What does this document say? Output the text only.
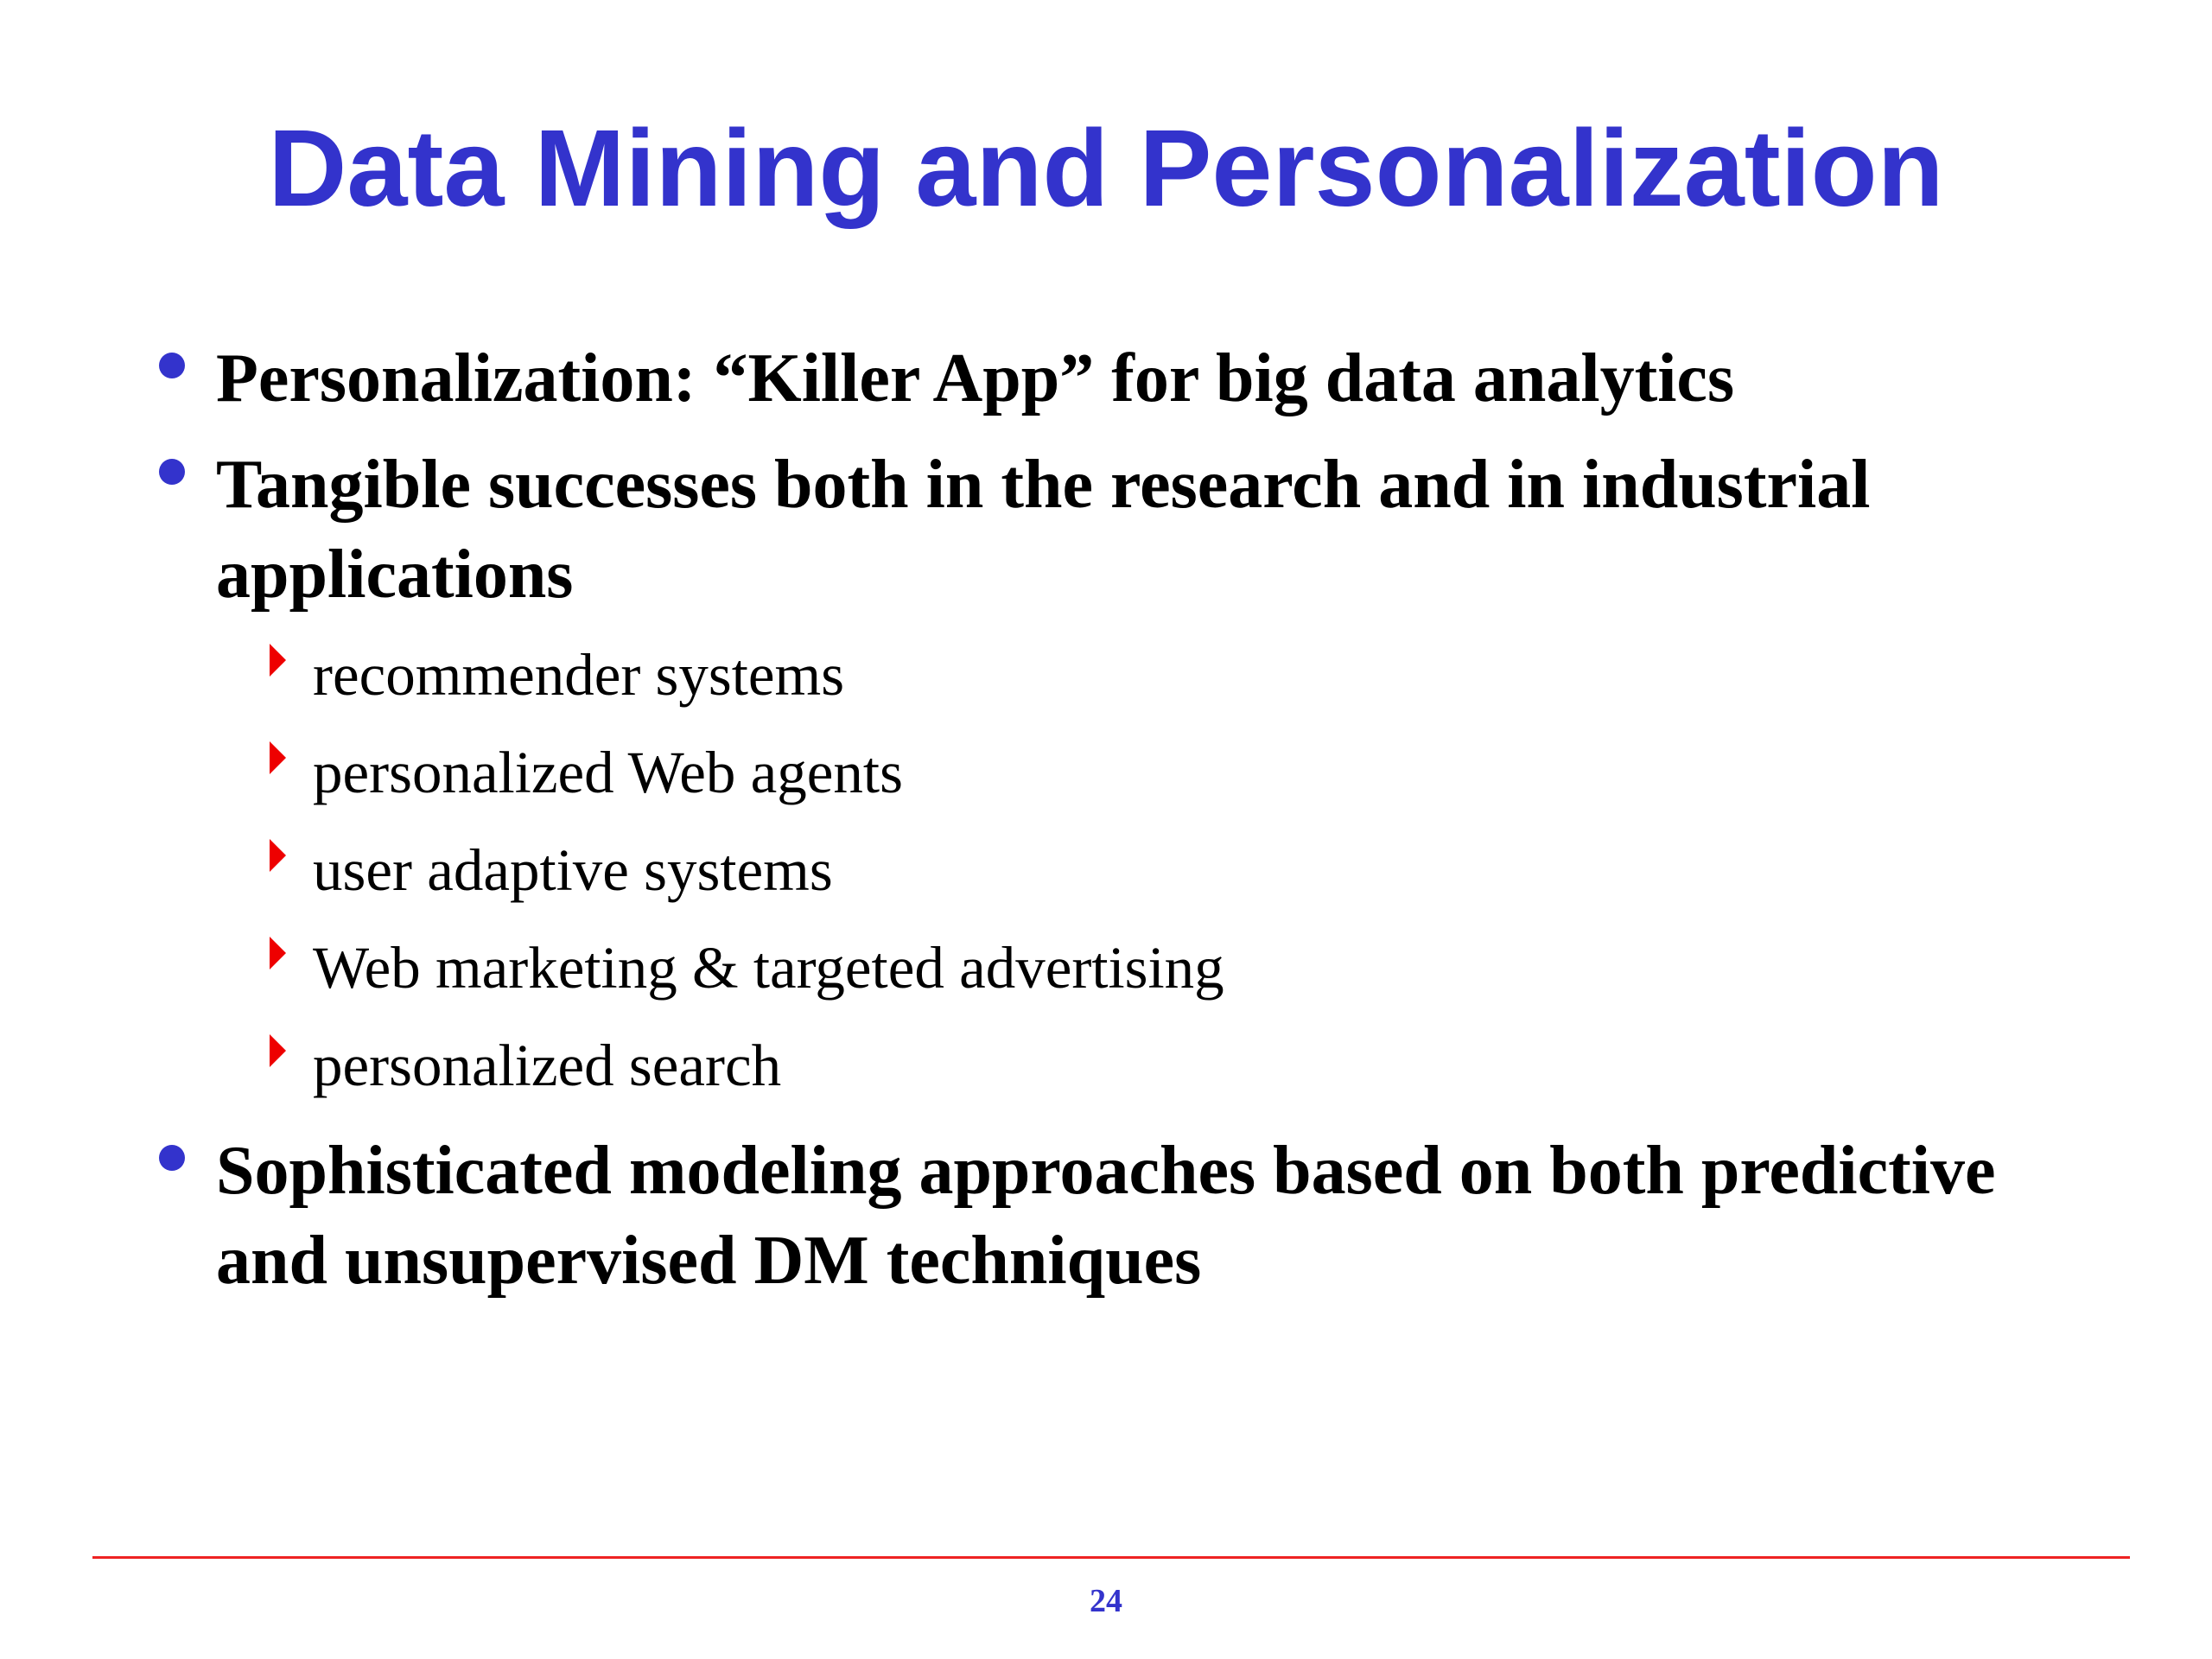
Data Mining and Personalization
Personalization: “Killer App” for big data analytics
Tangible successes both in the research and in industrial applications
recommender systems
personalized Web agents
user adaptive systems
Web marketing & targeted advertising
personalized search
Sophisticated modeling approaches based on both predictive and unsupervised DM techniques
24
